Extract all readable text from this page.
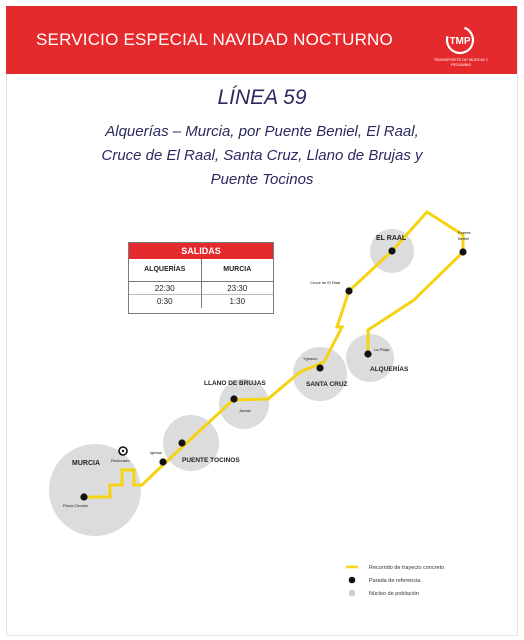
SERVICIO ESPECIAL NAVIDAD NOCTURNO	TMP
TRANSPORTE DE MURCIA Y PEDANÍAS
LÍNEA 59

Alquerías – Murcia, por Puente Beniel, El Raal,

Cruce de El Raal, Santa Cruz, Llano de Brujas y

Puente Tocinos

EL RAAL
LLANO DE BRUJAS	SANTA CRUZ
ALQUERÍAS
PUENTE TOCINOS
MURCIA
Puente
Beniel
Cruce de El Raal
La Pilaja
Ygnacio
Jaoste
Iglesia
Rectorado
Plaza Circular
Recorrido de trayecto concreto
Parada de referencia
Núcleo de población
SALIDAS
ALQUERÍAS	MURCIA
22:30	23:30
0:30	1:30
